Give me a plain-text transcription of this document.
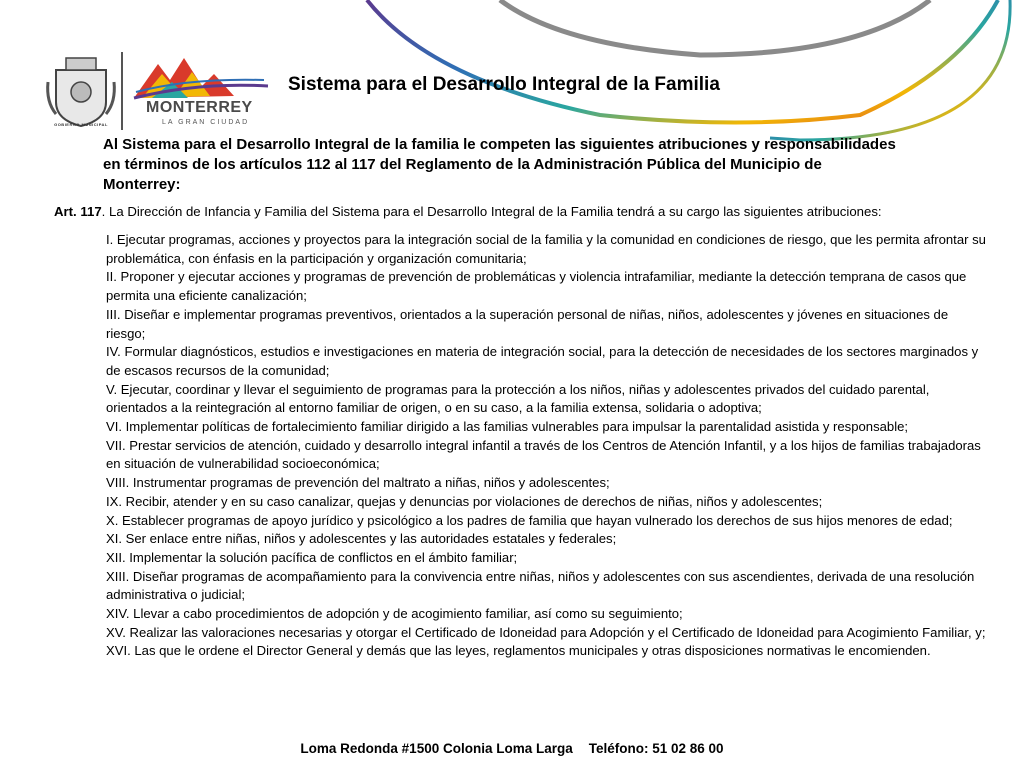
GOBIERNO MUNICIPAL
MONTERREY
LA GRAN CIUDAD
Sistema para el Desarrollo Integral de la Familia
Al Sistema para el Desarrollo Integral de la familia le competen las siguientes atribuciones y responsabilidades en términos de los artículos 112 al 117 del Reglamento de la Administración Pública del Municipio de Monterrey:
Art. 117. La Dirección de Infancia y Familia del Sistema para el Desarrollo Integral de la Familia tendrá a su cargo las siguientes atribuciones:
I. Ejecutar programas, acciones y proyectos para la integración social de la familia y la comunidad en condiciones de riesgo, que les permita afrontar su problemática, con énfasis en la participación y organización comunitaria;
II. Proponer y ejecutar acciones y programas de prevención de problemáticas y violencia intrafamiliar, mediante la detección temprana de casos que permita una eficiente canalización;
III. Diseñar e implementar programas preventivos, orientados a la superación personal de niñas, niños, adolescentes y jóvenes en situaciones de riesgo;
IV. Formular diagnósticos, estudios e investigaciones en materia de integración social, para la detección de necesidades de los sectores marginados y de escasos recursos de la comunidad;
V. Ejecutar, coordinar y llevar el seguimiento de programas para la protección a los niños, niñas y adolescentes privados del cuidado parental, orientados a la reintegración al entorno familiar de origen, o en su caso, a la familia extensa, solidaria o adoptiva;
VI. Implementar políticas de fortalecimiento familiar dirigido a las familias vulnerables para impulsar la parentalidad asistida y responsable;
VII. Prestar servicios de atención, cuidado y desarrollo integral infantil a través de los Centros de Atención Infantil, y a los hijos de familias trabajadoras en situación de vulnerabilidad socioeconómica;
VIII. Instrumentar programas de prevención del maltrato a niñas, niños y adolescentes;
IX. Recibir, atender y en su caso canalizar, quejas y denuncias por violaciones de derechos de niñas, niños y adolescentes;
X. Establecer programas de apoyo jurídico y psicológico a los padres de familia que hayan vulnerado los derechos de sus hijos menores de edad;
XI. Ser enlace entre niñas, niños y adolescentes y las autoridades estatales y federales;
XII. Implementar la solución pacífica de conflictos en el ámbito familiar;
XIII. Diseñar programas de acompañamiento para la convivencia entre niñas, niños y adolescentes con sus ascendientes, derivada de una resolución administrativa o judicial;
XIV. Llevar a cabo procedimientos de adopción y de acogimiento familiar, así como su seguimiento;
XV. Realizar las valoraciones necesarias y otorgar el Certificado de Idoneidad para Adopción y el Certificado de Idoneidad para Acogimiento Familiar, y;
XVI. Las que le ordene el Director General y demás que las leyes, reglamentos municipales y otras disposiciones normativas le encomienden.
Loma Redonda #1500 Colonia Loma Larga Teléfono: 51 02 86 00
